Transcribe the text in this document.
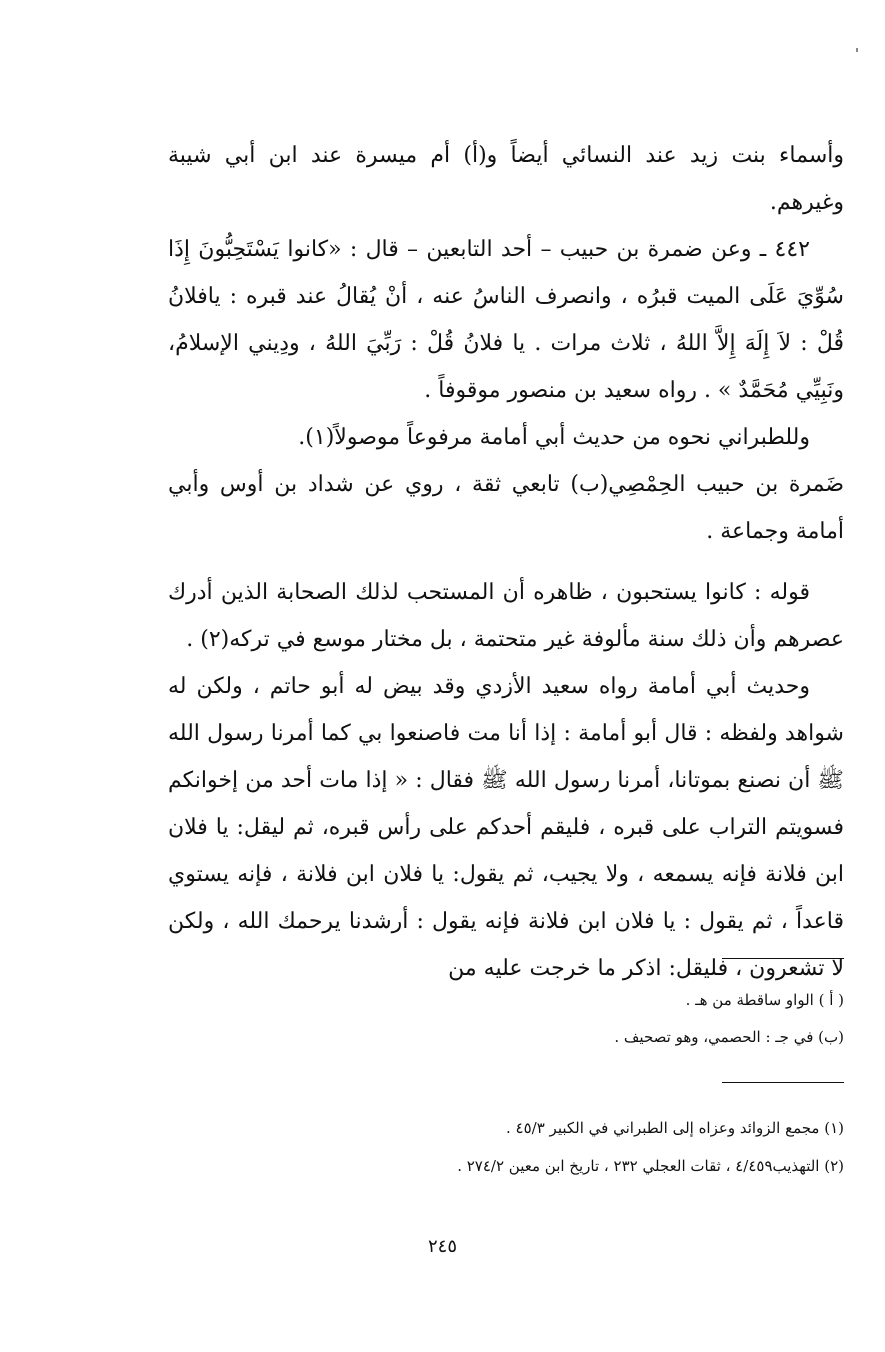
وأسماء بنت زيد عند النسائي أيضاً و(أ) أم ميسرة عند ابن أبي شيبة وغيرهم.

٤٤٢ ـ وعن ضمرة بن حبيب – أحد التابعين – قال : «كانوا يَسْتَحِبُّونَ إِذَا سُوِّيَ عَلَى الميت قبرُه ، وانصرف الناسُ عنه ، أنْ يُقالُ عند قبره : يافلانُ قُلْ : لاَ إِلَهَ إِلاَّ اللهُ ، ثلاث مرات . يا فلانُ قُلْ : رَبِّيَ اللهُ ، ودِيني الإسلامُ، ونَبِيِّي مُحَمَّدٌ » . رواه سعيد بن منصور موقوفاً .

وللطبراني نحوه من حديث أبي أمامة مرفوعاً موصولاً(١).

ضَمرة بن حبيب الحِمْصِي(ب) تابعي ثقة ، روي عن شداد بن أوس وأبي أمامة وجماعة .

قوله : كانوا يستحبون ، ظاهره أن المستحب لذلك الصحابة الذين أدرك عصرهم وأن ذلك سنة مألوفة غير متحتمة ، بل مختار موسع في تركه(٢) .

وحديث أبي أمامة رواه سعيد الأزدي وقد بيض له أبو حاتم ، ولكن له شواهد ولفظه : قال أبو أمامة : إذا أنا مت فاصنعوا بي كما أمرنا رسول الله ﷺ أن نصنع بموتانا، أمرنا رسول الله ﷺ فقال : « إذا مات أحد من إخوانكم فسويتم التراب على قبره ، فليقم أحدكم على رأس قبره، ثم ليقل: يا فلان ابن فلانة فإنه يسمعه ، ولا يجيب، ثم يقول: يا فلان ابن فلانة ، فإنه يستوي قاعداً ، ثم يقول : يا فلان ابن فلانة فإنه يقول : أرشدنا يرحمك الله ، ولكن لا تشعرون ، فليقل: اذكر ما خرجت عليه من

( أ ) الواو ساقطة من هـ .

(ب) في جـ : الحصمي، وهو تصحيف .

(١) مجمع الزوائد وعزاه إلى الطبراني في الكبير ٤٥/٣ .

(٢) التهذيب٤/٤٥٩ ، ثقات العجلي ٢٣٢ ، تاريخ ابن معين ٢٧٤/٢ .

٢٤٥
